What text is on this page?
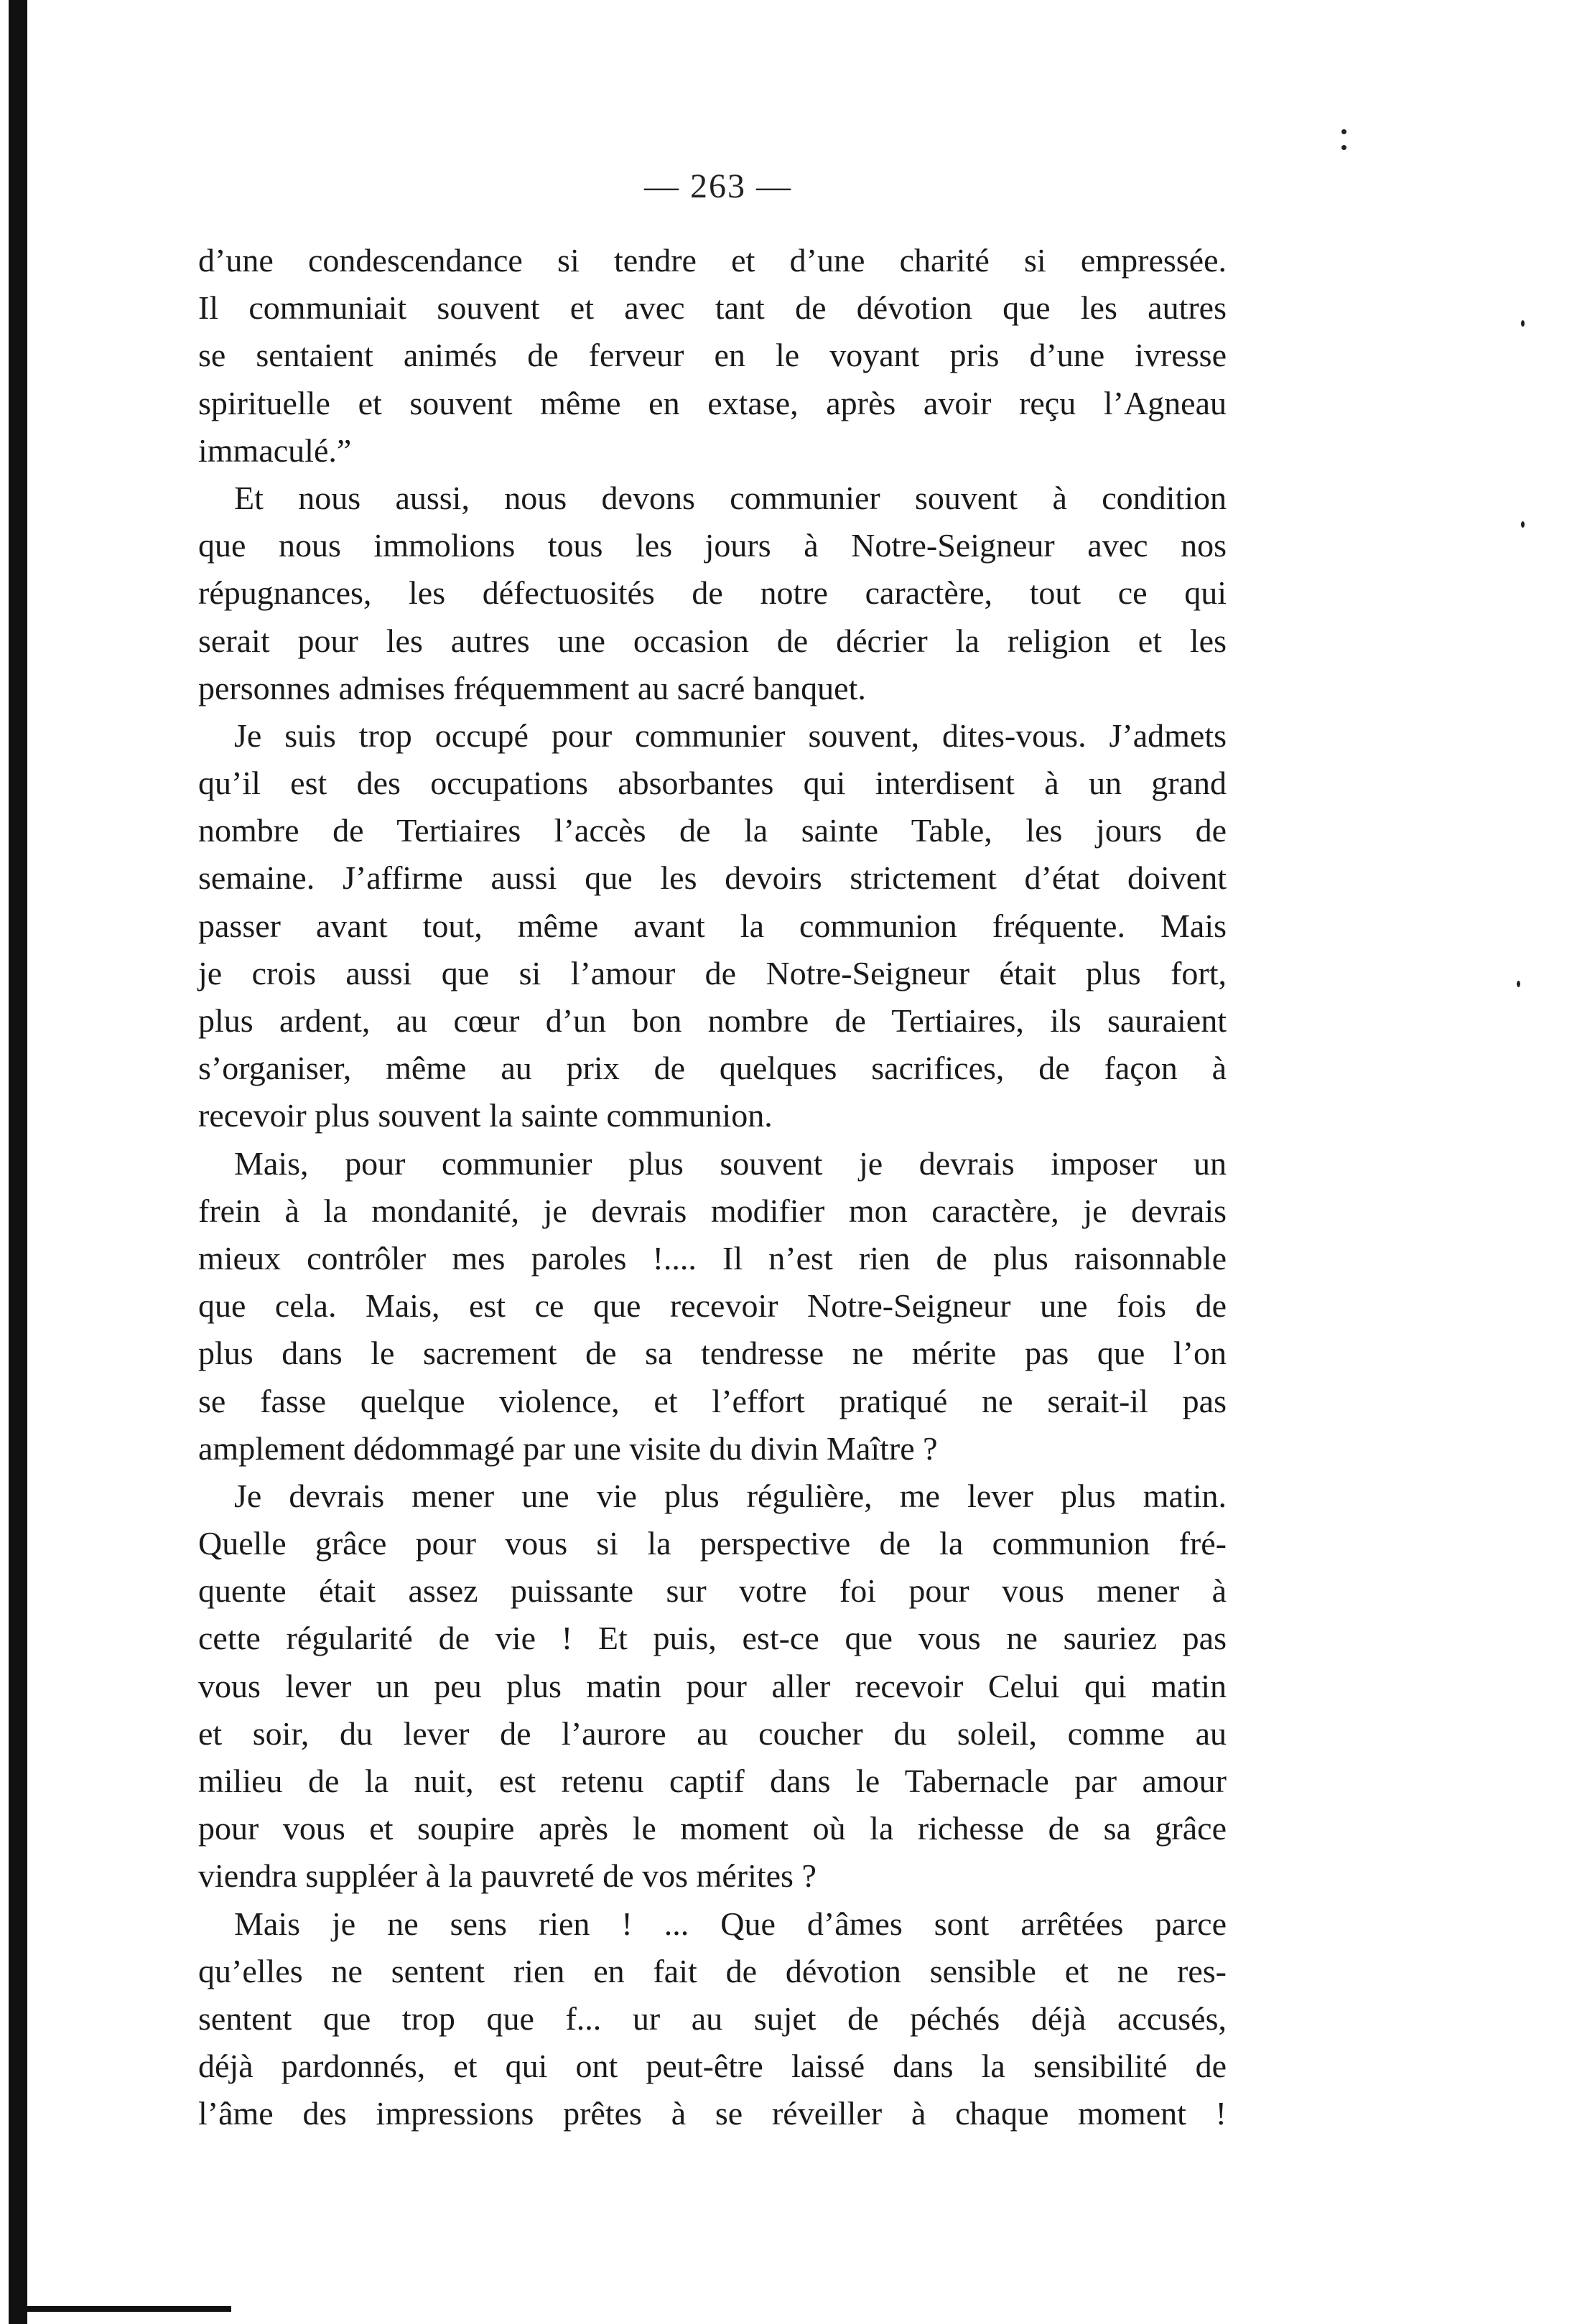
— 263 —
d’une condescendance si tendre et d’une charité si empressée.
Il communiait souvent et avec tant de dévotion que les autres
se sentaient animés de ferveur en le voyant pris d’une ivresse
spirituelle et souvent même en extase, après avoir reçu l’Agneau
immaculé.”
Et nous aussi, nous devons communier souvent à condition
que nous immolions tous les jours à Notre-Seigneur avec nos
répugnances, les défectuosités de notre caractère, tout ce qui
serait pour les autres une occasion de décrier la religion et les
personnes admises fréquemment au sacré banquet.
Je suis trop occupé pour communier souvent, dites-vous. J’admets
qu’il est des occupations absorbantes qui interdisent à un grand
nombre de Tertiaires l’accès de la sainte Table, les jours de
semaine. J’affirme aussi que les devoirs strictement d’état doivent
passer avant tout, même avant la communion fréquente. Mais
je crois aussi que si l’amour de Notre-Seigneur était plus fort,
plus ardent, au cœur d’un bon nombre de Tertiaires, ils sauraient
s’organiser, même au prix de quelques sacrifices, de façon à
recevoir plus souvent la sainte communion.
Mais, pour communier plus souvent je devrais imposer un
frein à la mondanité, je devrais modifier mon caractère, je devrais
mieux contrôler mes paroles !.... Il n’est rien de plus raisonnable
que cela. Mais, est ce que recevoir Notre-Seigneur une fois de
plus dans le sacrement de sa tendresse ne mérite pas que l’on
se fasse quelque violence, et l’effort pratiqué ne serait-il pas
amplement dédommagé par une visite du divin Maître ?
Je devrais mener une vie plus régulière, me lever plus matin.
Quelle grâce pour vous si la perspective de la communion fré-
quente était assez puissante sur votre foi pour vous mener à
cette régularité de vie ! Et puis, est-ce que vous ne sauriez pas
vous lever un peu plus matin pour aller recevoir Celui qui matin
et soir, du lever de l’aurore au coucher du soleil, comme au
milieu de la nuit, est retenu captif dans le Tabernacle par amour
pour vous et soupire après le moment où la richesse de sa grâce
viendra suppléer à la pauvreté de vos mérites ?
Mais je ne sens rien ! ... Que d’âmes sont arrêtées parce
qu’elles ne sentent rien en fait de dévotion sensible et ne res-
sentent que trop que f... ur au sujet de péchés déjà accusés,
déjà pardonnés, et qui ont peut-être laissé dans la sensibilité de
l’âme des impressions prêtes à se réveiller à chaque moment !
